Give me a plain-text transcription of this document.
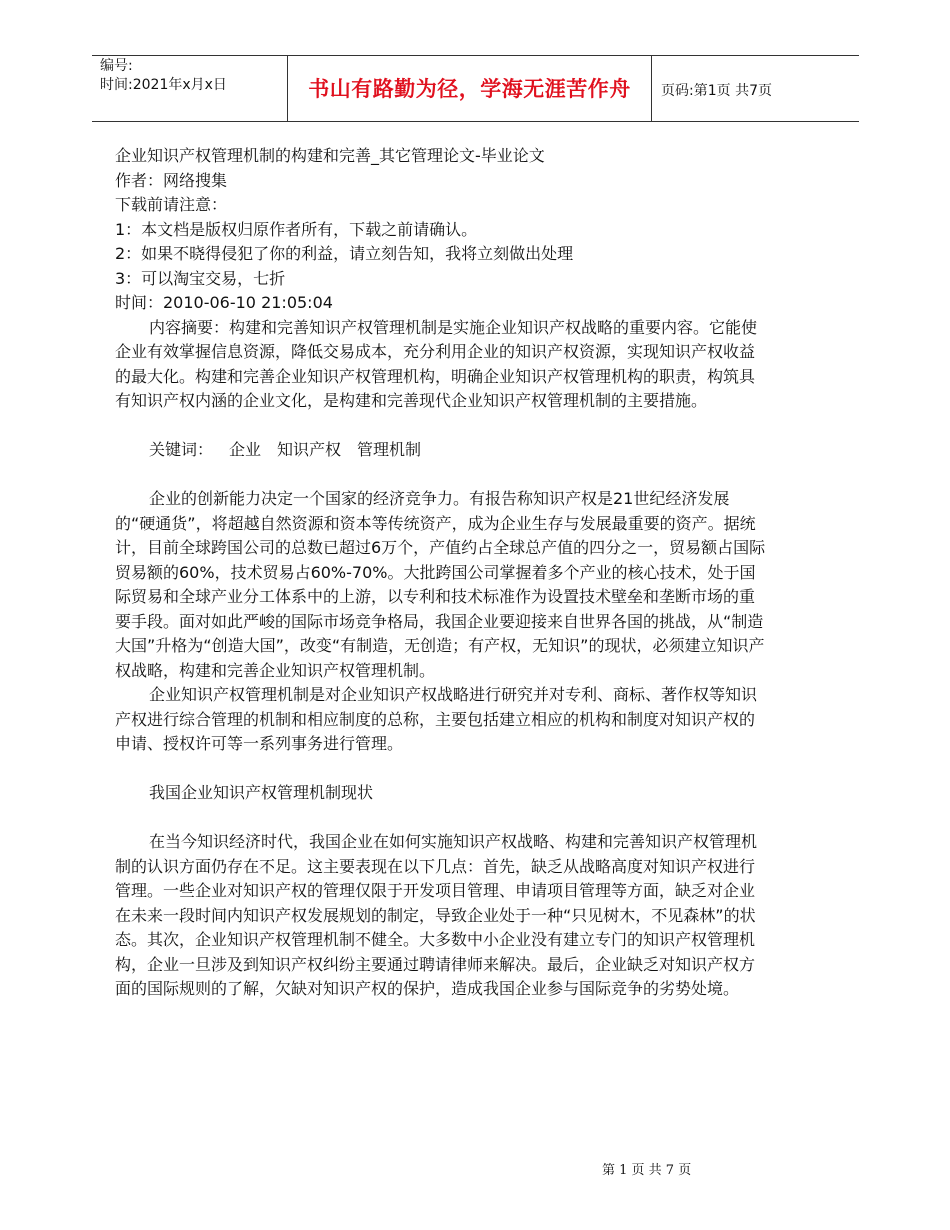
编号:
时间:2021年x月x日	书山有路勤为径，学海无涯苦作舟 页码:第1页 共7页

企业知识产权管理机制的构建和完善_其它管理论文-毕业论文

作者：网络搜集

下载前请注意：

1：本文档是版权归原作者所有，下载之前请确认。

2：如果不晓得侵犯了你的利益，请立刻告知，我将立刻做出处理

3：可以淘宝交易，七折

时间：2010-06-10 21:05:04

内容摘要：构建和完善知识产权管理机制是实施企业知识产权战略的重要内容。它能使企业有效掌握信息资源，降低交易成本，充分利用企业的知识产权资源，实现知识产权收益的最大化。构建和完善企业知识产权管理机构，明确企业知识产权管理机构的职责，构筑具有知识产权内涵的企业文化，是构建和完善现代企业知识产权管理机制的主要措施。

关键词： 企业 知识产权 管理机制

企业的创新能力决定一个国家的经济竞争力。有报告称知识产权是21世纪经济发展的“硬通货”，将超越自然资源和资本等传统资产，成为企业生存与发展最重要的资产。据统计，目前全球跨国公司的总数已超过6万个，产值约占全球总产值的四分之一，贸易额占国际贸易额的60%，技术贸易占60%-70%。大批跨国公司掌握着多个产业的核心技术，处于国际贸易和全球产业分工体系中的上游，以专利和技术标准作为设置技术壁垒和垄断市场的重要手段。面对如此严峻的国际市场竞争格局，我国企业要迎接来自世界各国的挑战，从“制造大国”升格为“创造大国”，改变“有制造，无创造；有产权，无知识”的现状，必须建立知识产权战略，构建和完善企业知识产权管理机制。

企业知识产权管理机制是对企业知识产权战略进行研究并对专利、商标、著作权等知识产权进行综合管理的机制和相应制度的总称，主要包括建立相应的机构和制度对知识产权的申请、授权许可等一系列事务进行管理。

我国企业知识产权管理机制现状

在当今知识经济时代，我国企业在如何实施知识产权战略、构建和完善知识产权管理机制的认识方面仍存在不足。这主要表现在以下几点：首先，缺乏从战略高度对知识产权进行管理。一些企业对知识产权的管理仅限于开发项目管理、申请项目管理等方面，缺乏对企业在未来一段时间内知识产权发展规划的制定，导致企业处于一种“只见树木，不见森林”的状态。其次，企业知识产权管理机制不健全。大多数中小企业没有建立专门的知识产权管理机构，企业一旦涉及到知识产权纠纷主要通过聘请律师来解决。最后，企业缺乏对知识产权方面的国际规则的了解，欠缺对知识产权的保护，造成我国企业参与国际竞争的劣势处境。

第 1 页 共 7 页
